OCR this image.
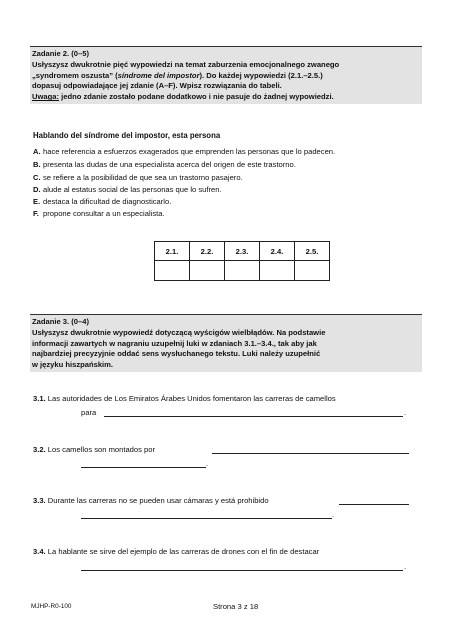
Zadanie 2. (0–5)
Usłyszysz dwukrotnie pięć wypowiedzi na temat zaburzenia emocjonalnego zwanego
„syndromem oszusta” (síndrome del impostor). Do każdej wypowiedzi (2.1.–2.5.)
dopasuj odpowiadające jej zdanie (A–F). Wpisz rozwiązania do tabeli.
Uwaga: jedno zdanie zostało podane dodatkowo i nie pasuje do żadnej wypowiedzi.
Hablando del síndrome del impostor, esta persona
A. hace referencia a esfuerzos exagerados que emprenden las personas que lo padecen.
B. presenta las dudas de una especialista acerca del origen de este trastorno.
C. se refiere a la posibilidad de que sea un trastorno pasajero.
D. alude al estatus social de las personas que lo sufren.
E. destaca la dificultad de diagnosticarlo.
F. propone consultar a un especialista.
2.1.	2.2.	2.3.	2.4.	2.5.

Zadanie 3. (0–4)
Usłyszysz dwukrotnie wypowiedź dotyczącą wyścigów wielbłądów. Na podstawie
informacji zawartych w nagraniu uzupełnij luki w zdaniach 3.1.–3.4., tak aby jak
najbardziej precyzyjnie oddać sens wysłuchanego tekstu. Luki należy uzupełnić
w języku hiszpańskim.
3.1. Las autoridades de Los Emiratos Árabes Unidos fomentaron las carreras de camellos
para	.
3.2. Los camellos son montados por
.
3.3. Durante las carreras no se pueden usar cámaras y está prohibido
.
3.4. La hablante se sirve del ejemplo de las carreras de drones con el fin de destacar
.
MJHP-R0-100	Strona 3 z 18
